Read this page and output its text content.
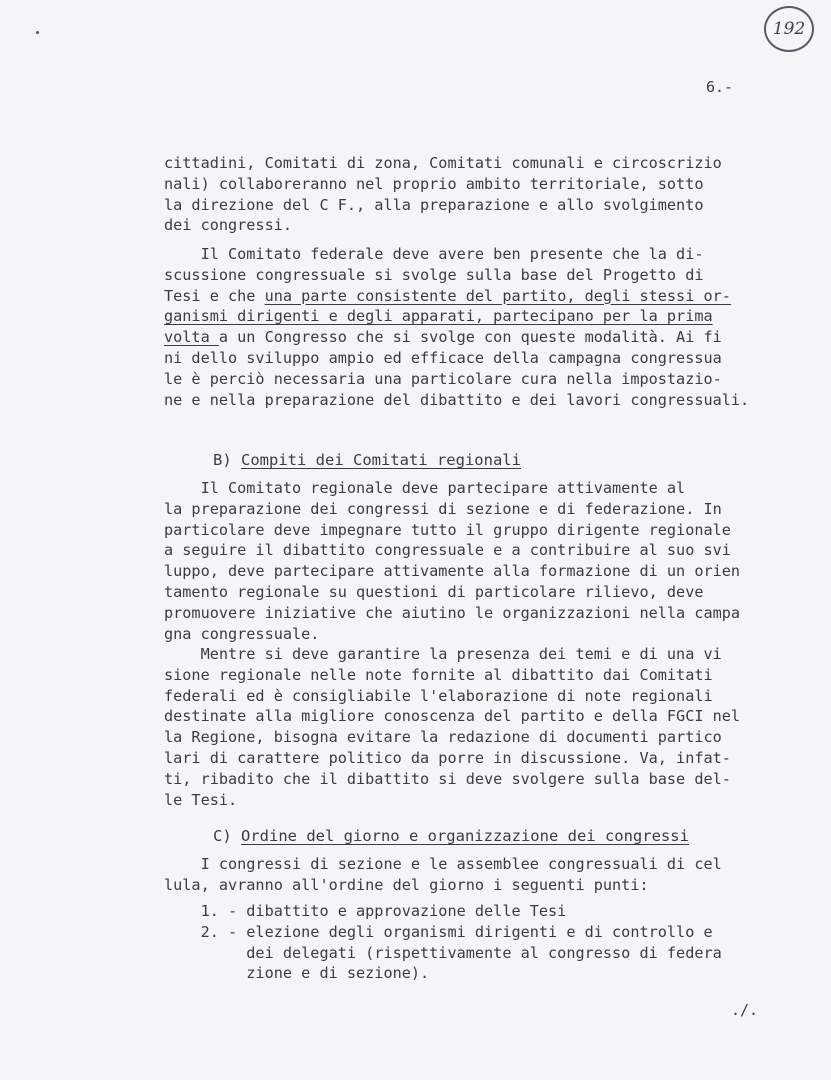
192
6.-
cittadini, Comitati di zona, Comitati comunali e circoscrizio
nali) collaboreranno nel proprio ambito territoriale, sotto
la direzione del C F., alla preparazione e allo svolgimento
dei congressi.
Il Comitato federale deve avere ben presente che la di-
scussione congressuale si svolge sulla base del Progetto di
Tesi e che una parte consistente del partito, degli stessi or-
ganismi dirigenti e degli apparati, partecipano per la prima
volta a un Congresso che si svolge con queste modalità. Ai fi
ni dello sviluppo ampio ed efficace della campagna congressua
le è perciò necessaria una particolare cura nella impostazio-
ne e nella preparazione del dibattito e dei lavori congressuali.
Il Comitato regionale deve partecipare attivamente al
la preparazione dei congressi di sezione e di federazione. In
particolare deve impegnare tutto il gruppo dirigente regionale
a seguire il dibattito congressuale e a contribuire al suo svi
luppo, deve partecipare attivamente alla formazione di un orien
tamento regionale su questioni di particolare rilievo, deve
promuovere iniziative che aiutino le organizzazioni nella campa
gna congressuale.
Mentre si deve garantire la presenza dei temi e di una vi
sione regionale nelle note fornite al dibattito dai Comitati
federali ed è consigliabile l'elaborazione di note regionali
destinate alla migliore conoscenza del partito e della FGCI nel
la Regione, bisogna evitare la redazione di documenti partico
lari di carattere politico da porre in discussione. Va, infat-
ti, ribadito che il dibattito si deve svolgere sulla base del-
le Tesi.
I congressi di sezione e le assemblee congressuali di cel
lula, avranno all'ordine del giorno i seguenti punti:
1. - dibattito e approvazione delle Tesi
2. - elezione degli organismi dirigenti e di controllo e
dei delegati (rispettivamente al congresso di federa
zione e di sezione).
B) Compiti dei Comitati regionali
C) Ordine del giorno e organizzazione dei congressi
./.
